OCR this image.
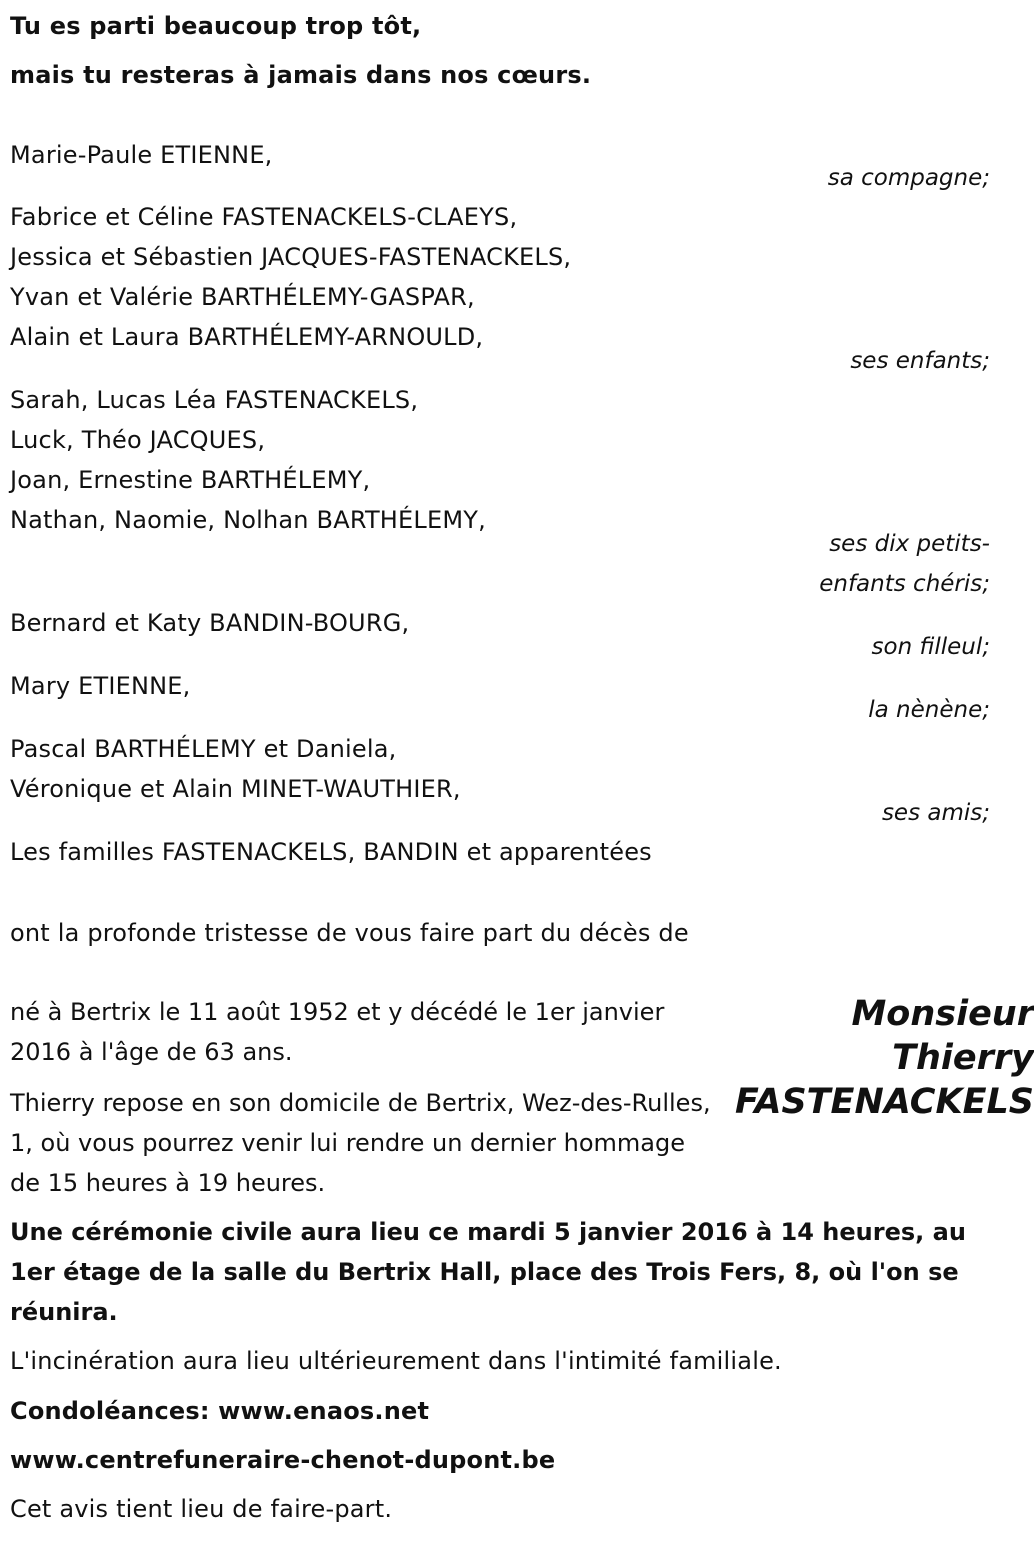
Tu es parti beaucoup trop tôt,
mais tu resteras à jamais dans nos cœurs.
Marie-Paule ETIENNE,
sa compagne;
Fabrice et Céline FASTENACKELS-CLAEYS,
Jessica et Sébastien JACQUES-FASTENACKELS,
Yvan et Valérie BARTHÉLEMY-GASPAR,
Alain et Laura BARTHÉLEMY-ARNOULD,
ses enfants;
Sarah, Lucas Léa FASTENACKELS,
Luck, Théo JACQUES,
Joan, Ernestine BARTHÉLEMY,
Nathan, Naomie, Nolhan BARTHÉLEMY,
ses dix petits-
enfants chéris;
Bernard et Katy BANDIN-BOURG,
son filleul;
Mary ETIENNE,
la nènène;
Pascal BARTHÉLEMY et Daniela,
Véronique et Alain MINET-WAUTHIER,
ses amis;
Les familles FASTENACKELS, BANDIN et apparentées
ont la profonde tristesse de vous faire part du décès de
Monsieur
Thierry
FASTENACKELS
né à Bertrix le 11 août 1952 et y décédé le 1er janvier 2016 à l'âge de 63 ans.
Thierry repose en son domicile de Bertrix, Wez-des-Rulles, 1, où vous pourrez venir lui rendre un dernier hommage de 15 heures à 19 heures.
Une cérémonie civile aura lieu ce mardi 5 janvier 2016 à 14 heures, au 1er étage de la salle du Bertrix Hall, place des Trois Fers, 8, où l'on se réunira.
L'incinération aura lieu ultérieurement dans l'intimité familiale.
Condoléances: www.enaos.net
www.centrefuneraire-chenot-dupont.be
Cet avis tient lieu de faire-part.
